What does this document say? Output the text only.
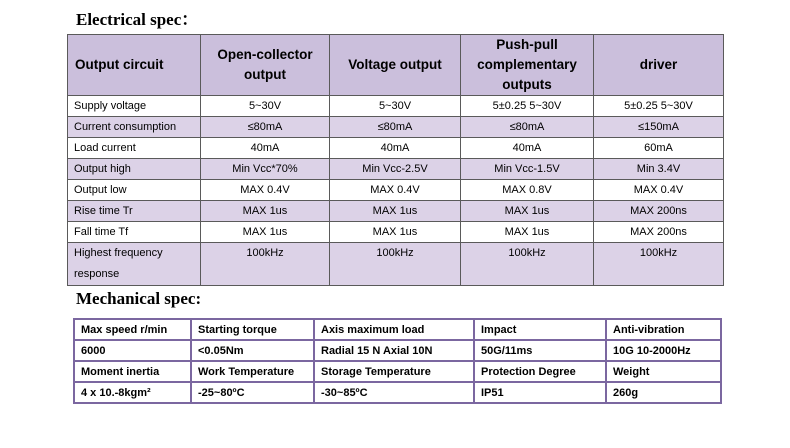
Electrical spec：
Output circuit	Open-collector output	Voltage output	Push-pull complementary outputs	driver
Supply voltage	5~30V	5~30V	5±0.25 5~30V	5±0.25 5~30V
Current consumption	≤80mA	≤80mA	≤80mA	≤150mA
Load current	40mA	40mA	40mA	60mA
Output high	Min Vcc*70%	Min Vcc-2.5V	Min Vcc-1.5V	Min 3.4V
Output low	MAX 0.4V	MAX 0.4V	MAX 0.8V	MAX 0.4V
Rise time Tr	MAX 1us	MAX 1us	MAX 1us	MAX 200ns
Fall time Tf	MAX 1us	MAX 1us	MAX 1us	MAX 200ns
Highest frequency response	100kHz	100kHz	100kHz	100kHz
Mechanical spec:
Max speed r/min	Starting torque	Axis maximum load	Impact	Anti-vibration
6000	<0.05Nm	Radial 15 N Axial 10N	50G/11ms	10G 10-2000Hz
Moment inertia	Work Temperature	Storage Temperature	Protection Degree	Weight
4 x 10.-8kgm²	-25~80ºC	-30~85ºC	IP51	260g
